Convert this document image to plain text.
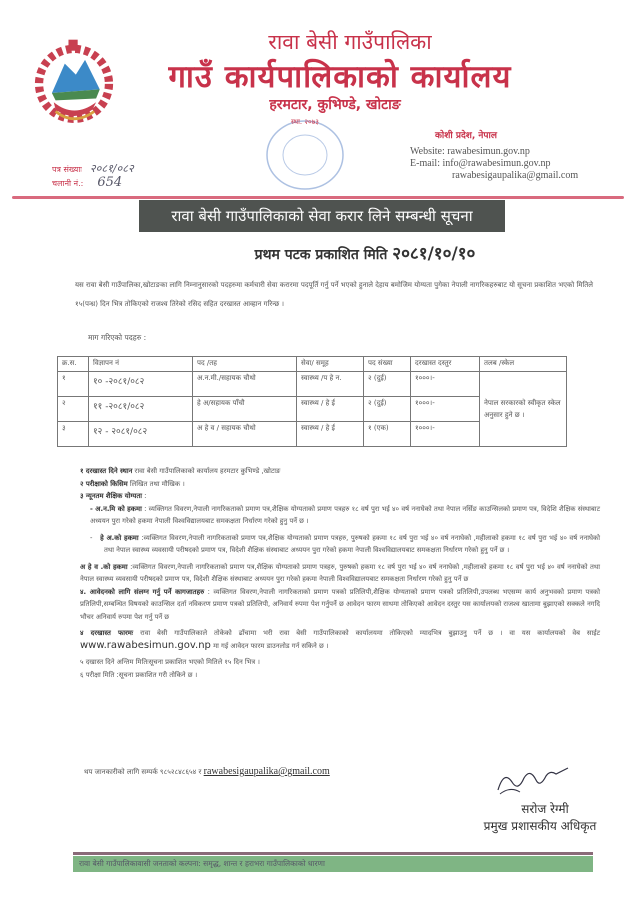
रावा बेसी गाउँपालिका
गाउँ कार्यपालिकाको कार्यालय
हरमटार, कुभिण्डे, खोटाङ
स्था. २०७३
कोशी प्रदेश, नेपाल
Website: rawabesimun.gov.np
E-mail: info@rawabesimun.gov.np
rawabesigaupalika@gmail.com
पत्र संख्याः २०८१/०८२
चलानी नं.: 654
रावा बेसी गाउँपालिकाको सेवा करार लिने सम्बन्धी सूचना
प्रथम पटक प्रकाशित मिति २०८१/१०/१०
यस रावा बेसी गाउँपालिका,खोटाङका लागि निम्नानुसारको पदहरुमा कर्मचारी सेवा करारमा पदपूर्ति गर्नु पर्ने भएको हुनाले देहाय बमोजिम योग्यता पुगेका नेपाली नागरिकहरुबाट यो सूचना प्रकाशित भएको मितिले १५(पन्ध्र) दिन भित्र तोकिएको राजश्व तिरेको रसिद सहित दरखास्त आव्हान गरिन्छ ।
माग गरिएको पदहरु :
क्र.स.	विज्ञापन नं	पद /तह	सेवा/ समूह	पद संख्या	दरखास्त दस्तुर	तलब /स्केल
१	१० -२०८१/०८२	अ.न.मी./सहायक चौथो	स्वास्थ्य /प हे न.	२ (दुई)	१०००।-	नेपाल सरकारको स्वीकृत स्केल अनुसार हुने छ ।
२	११ -२०८१/०८२	हे अ/सहायक पाँचौ	स्वास्थ्य / हे ई	२ (दुई)	१०००।-	
३	१२ - २०८१/०८२	अ हे व / सहायक चौथो	स्वास्थ्य / हे ई	१ (एक)	१०००।-	

१ दरखास्त दिने स्थान रावा बेसी गाउँपालिकाको कार्यालय हरमटार कुभिण्डे ,खोटाङ

२ परीक्षाको किसिम लिखित तथा मौखिक ।

३ न्यूनतम शैक्षिक योग्यता :

- अ.न.मि को हकमा : व्यक्तिगत विवरण,नेपाली नागरिकताको प्रमाण पत्र,शैक्षिक योग्यताको प्रमाण पत्रहरु १८ वर्ष पुरा भई ४० वर्ष ननाघेको तथा नेपाल नर्सिङ काउन्सिलको प्रमाण पत्र, विदेशि शैक्षिक संस्थाबाट अध्ययन पुरा गरेको हकमा नेपाली विश्वविद्यालयबाट समकक्षता निर्धारण गरेको हुनु पर्ने छ ।

-   हे अ.को हकमा :व्यक्तिगत विवरण,नेपाली नागरिकताको प्रमाण पत्र,शैक्षिक योग्यताको प्रमाण पत्रहरु, पुरुषको हकमा १८ वर्ष पुरा भई ४० वर्ष ननाघेको ,महीलाको हकमा १८ वर्ष पुरा भई ४० वर्ष ननाघेको तथा नेपाल स्वास्थ्य व्यवसायी परीषदको प्रमाण पत्र, विदेशी शैक्षिक संस्थाबाट अध्ययन पुरा गरेको हकमा नेपाली विश्वविद्यालयबाट समकक्षता निर्धारण गरेको हुनु पर्ने छ ।

अ हे व .को हकमा :व्यक्तिगत विवरण,नेपाली नागरिकताको प्रमाण पत्र,शैक्षिक योग्यताको प्रमाण पत्रहरु, पुरुषको हकमा १८ वर्ष पुरा भई ४० वर्ष ननाघेको ,महीलाको हकमा १८ वर्ष पुरा भई ४० वर्ष ननाघेको तथा नेपाल स्वास्थ्य व्यवसायी परीषदको प्रमाण पत्र, विदेशी शैक्षिक संस्थाबाट अध्ययन पुरा गरेको हकमा नेपाली विश्वविद्यालयबाट समकक्षता निर्धारण गरेको हुनु पर्ने छ

४. आवेदनको लागि संलग्न गर्नु पर्ने कागजातहरु : व्यक्तिगत विवरण,नेपाली नागरिकताको प्रमाण पत्रको प्रतिलिपी,शैक्षिक योग्यताको प्रमाण पत्रको प्रतिलिपी,उपलब्ध भएसम्म कार्य अनुभवको प्रमाण पत्रको प्रतिलिपी,सम्बन्धित विषयको काउन्सिल दर्ता नविकरण प्रमाण पत्रको प्रतिलिपी, अनिवार्य रुपमा पेश गर्नुपर्ने छ आवेदन फारम साथमा तोकिएको आवेदन दस्तुर यस कार्यालयको राजश्व खातामा बुझाएको सक्कले नगदि भौचर अनिवार्य रुपमा पेश गर्नु पर्ने छ

४ दरखास्त फारमः रावा बेसी गाउँपालिकाले तोकेको ढाँचामा भरी रावा बेसी गाउँपालिकाको कार्यालयमा तोकिएको म्यादभित्र बुझाउनु पर्ने छ । वा यस कार्यालयको वेब साईट www.rawabesimun.gov.np मा गई आवेदन फारम डाउनलोड गर्न सकिने छ ।

५ दखास्त दिने अन्तिम मितिःसूचना प्रकाशित भएको मितिले १५ दिन भित्र ।

६ परीक्षा मिति :सूचना प्रकाशित गरी तोकिने छ ।

थप जानकारीको लागि सम्पर्क ९८५२८४८६५४ र rawabesigaupalika@gmail.com
सरोज रेग्मी
प्रमुख प्रशासकीय अधिकृत
रावा बेसी गाउँपालिकावासी जनताको कल्पना: समृद्ध, शान्त र हराभरा गाउँपालिकाको धारणा
